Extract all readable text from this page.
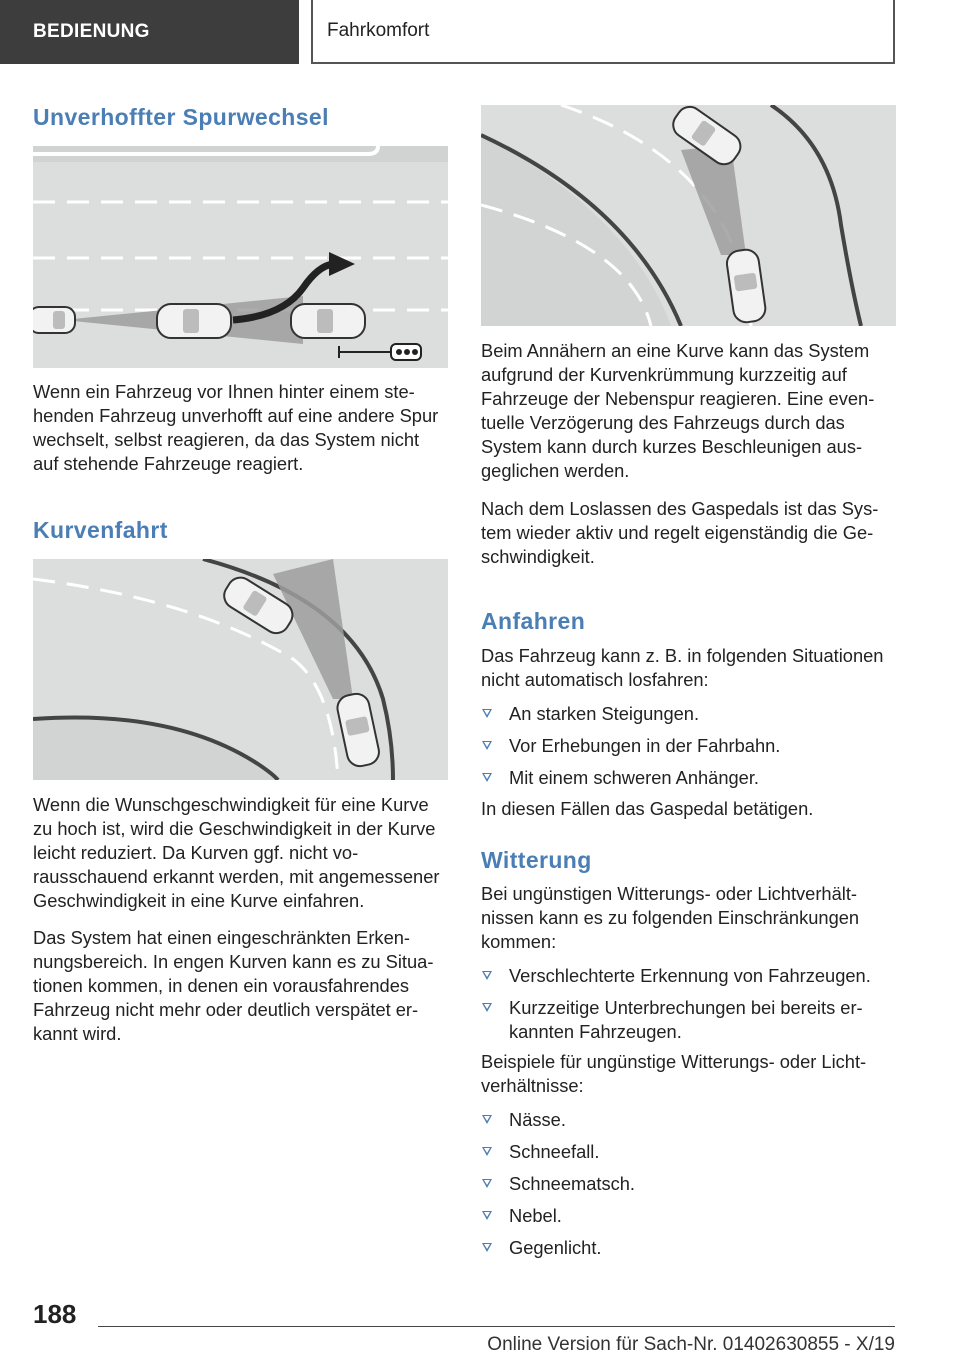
BEDIENUNG	Fahrkomfort
Unverhoffter Spurwechsel

Wenn ein Fahrzeug vor Ihnen hinter einem stehenden Fahrzeug unverhofft auf eine andere Spur wechselt, selbst reagieren, da das System nicht auf stehende Fahrzeuge reagiert.

Kurvenfahrt

Wenn die Wunschgeschwindigkeit für eine Kurve zu hoch ist, wird die Geschwindigkeit in der Kurve leicht reduziert. Da Kurven ggf. nicht vorausschauend erkannt werden, mit angemessener Geschwindigkeit in eine Kurve einfahren.

Das System hat einen eingeschränkten Erkennungsbereich. In engen Kurven kann es zu Situationen kommen, in denen ein vorausfahrendes Fahrzeug nicht mehr oder deutlich verspätet erkannt wird.

Beim Annähern an eine Kurve kann das System aufgrund der Kurvenkrümmung kurzzeitig auf Fahrzeuge der Nebenspur reagieren. Eine eventuelle Verzögerung des Fahrzeugs durch das System kann durch kurzes Beschleunigen ausgeglichen werden.

Nach dem Loslassen des Gaspedals ist das System wieder aktiv und regelt eigenständig die Geschwindigkeit.

Anfahren

Das Fahrzeug kann z. B. in folgenden Situationen nicht automatisch losfahren:

An starken Steigungen.
Vor Erhebungen in der Fahrbahn.
Mit einem schweren Anhänger.

In diesen Fällen das Gaspedal betätigen.

Witterung

Bei ungünstigen Witterungs- oder Lichtverhältnissen kann es zu folgenden Einschränkungen kommen:

Verschlechterte Erkennung von Fahrzeugen.
Kurzzeitige Unterbrechungen bei bereits erkannten Fahrzeugen.

Beispiele für ungünstige Witterungs- oder Lichtverhältnisse:

Nässe.
Schneefall.
Schneematsch.
Nebel.
Gegenlicht.
188
Online Version für Sach-Nr. 01402630855 - X/19
